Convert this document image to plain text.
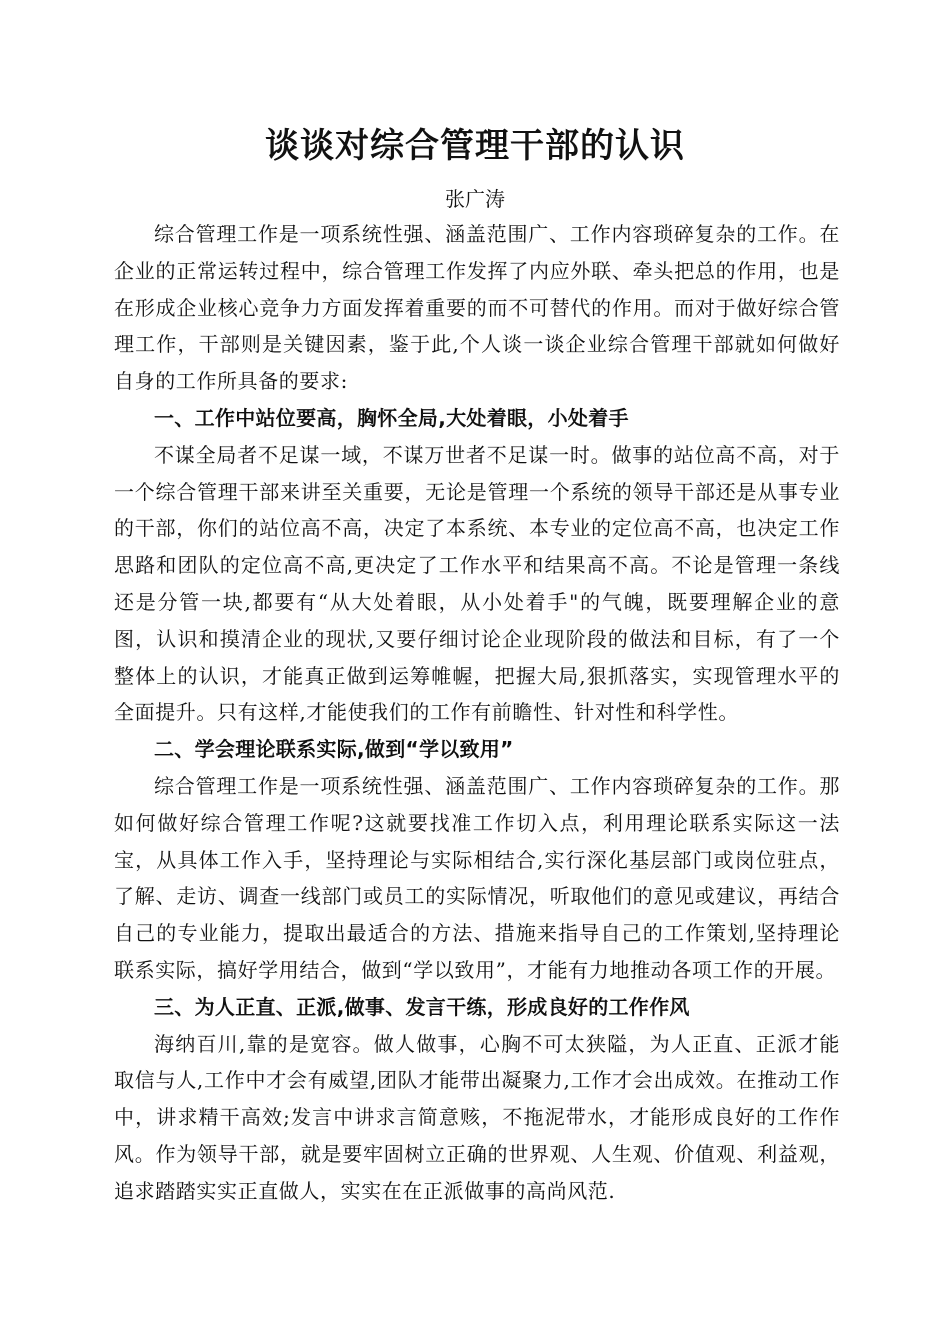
谈谈对综合管理干部的认识

张广涛

综合管理工作是一项系统性强、涵盖范围广、工作内容琐碎复杂的工作。在企业的正常运转过程中，综合管理工作发挥了内应外联、牵头把总的作用，也是在形成企业核心竞争力方面发挥着重要的而不可替代的作用。而对于做好综合管理工作，干部则是关键因素，鉴于此,个人谈一谈企业综合管理干部就如何做好自身的工作所具备的要求:

一、工作中站位要高，胸怀全局,大处着眼，小处着手

不谋全局者不足谋一域，不谋万世者不足谋一时。做事的站位高不高，对于一个综合管理干部来讲至关重要，无论是管理一个系统的领导干部还是从事专业的干部，你们的站位高不高，决定了本系统、本专业的定位高不高，也决定工作思路和团队的定位高不高,更决定了工作水平和结果高不高。不论是管理一条线还是分管一块,都要有“从大处着眼，从小处着手"的气魄，既要理解企业的意图，认识和摸清企业的现状,又要仔细讨论企业现阶段的做法和目标，有了一个整体上的认识，才能真正做到运筹帷幄，把握大局,狠抓落实，实现管理水平的全面提升。只有这样,才能使我们的工作有前瞻性、针对性和科学性。

二、学会理论联系实际,做到“学以致用”

综合管理工作是一项系统性强、涵盖范围广、工作内容琐碎复杂的工作。那如何做好综合管理工作呢?这就要找准工作切入点，利用理论联系实际这一法宝，从具体工作入手，坚持理论与实际相结合,实行深化基层部门或岗位驻点，了解、走访、调查一线部门或员工的实际情况，听取他们的意见或建议，再结合自己的专业能力，提取出最适合的方法、措施来指导自己的工作策划,坚持理论联系实际，搞好学用结合，做到“学以致用”，才能有力地推动各项工作的开展。

三、为人正直、正派,做事、发言干练，形成良好的工作作风

海纳百川,靠的是宽容。做人做事，心胸不可太狭隘，为人正直、正派才能取信与人,工作中才会有威望,团队才能带出凝聚力,工作才会出成效。在推动工作中，讲求精干高效;发言中讲求言简意赅，不拖泥带水，才能形成良好的工作作风。作为领导干部，就是要牢固树立正确的世界观、人生观、价值观、利益观，追求踏踏实实正直做人，实实在在正派做事的高尚风范.
